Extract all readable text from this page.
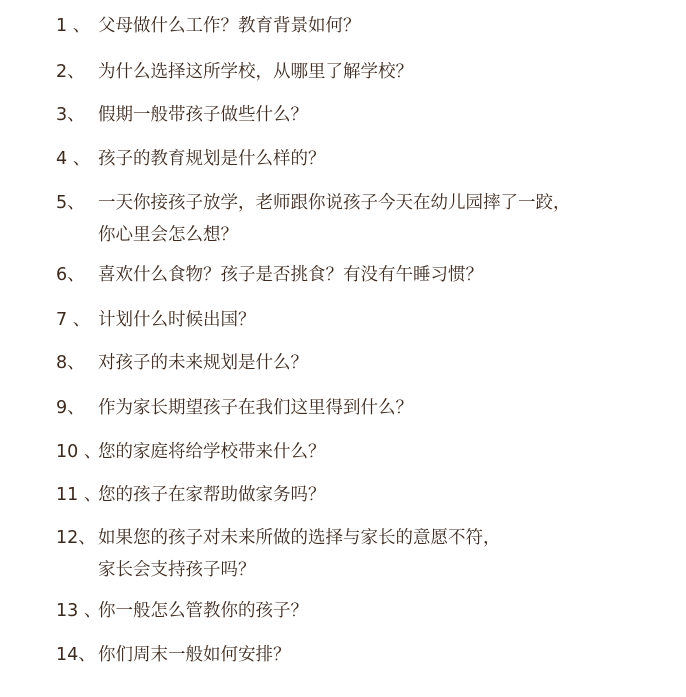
1 、 父母做什么工作？教育背景如何？
2、 为什么选择这所学校，从哪里了解学校？
3、 假期一般带孩子做些什么？
4 、 孩子的教育规划是什么样的？
5、 一天你接孩子放学，老师跟你说孩子今天在幼儿园摔了一跤，
你心里会怎么想？
6、 喜欢什么食物？孩子是否挑食？有没有午睡习惯？
7 、 计划什么时候出国？
8、 对孩子的未来规划是什么？
9、 作为家长期望孩子在我们这里得到什么？
10 、您的家庭将给学校带来什么？
11 、您的孩子在家帮助做家务吗？
12、 如果您的孩子对未来所做的选择与家长的意愿不符，
家长会支持孩子吗？
13 、你一般怎么管教你的孩子？
14、 你们周末一般如何安排？
